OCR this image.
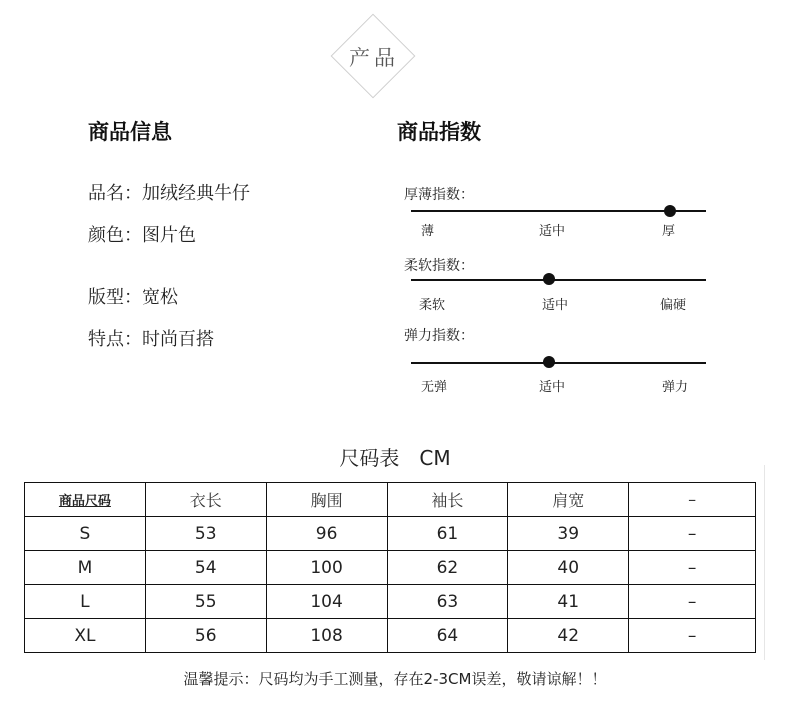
产品
商品信息
品名：加绒经典牛仔
颜色：图片色
版型：宽松
特点：时尚百搭
商品指数
厚薄指数：
薄	适中	厚
柔软指数：
柔软	适中	偏硬
弹力指数：
无弹	适中	弹力
尺码表　CM
商品尺码	衣长	胸围	袖长	肩宽	–
S	53	96	61	39	–
M	54	100	62	40	–
L	55	104	63	41	–
XL	56	108	64	42	–
温馨提示：尺码均为手工测量，存在2-3CM误差，敬请谅解！！
